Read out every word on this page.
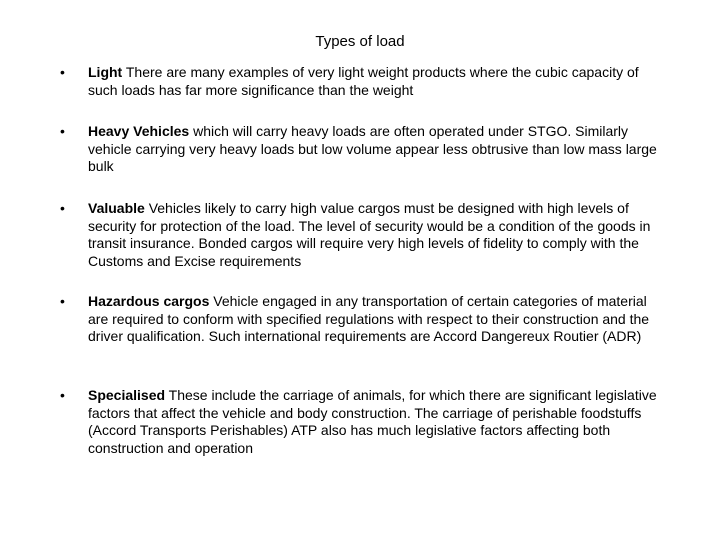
Types of load
• Light There are many examples of very light weight products where the cubic capacity of such loads has far more significance than the weight
• Heavy Vehicles which will carry heavy loads are often operated under STGO. Similarly vehicle carrying very heavy loads but low volume appear less obtrusive than low mass large bulk
• Valuable Vehicles likely to carry high value cargos must be designed with high levels of security for protection of the load. The level of security would be a condition of the goods in transit insurance. Bonded cargos will require very high levels of fidelity to comply with the Customs and Excise requirements
• Hazardous cargos Vehicle engaged in any transportation of certain categories of material are required to conform with specified regulations with respect to their construction and the driver qualification. Such international requirements are Accord Dangereux Routier (ADR)
• Specialised These include the carriage of animals, for which there are significant legislative factors that affect the vehicle and body construction. The carriage of perishable foodstuffs (Accord Transports Perishables) ATP also has much legislative factors affecting both construction and operation
